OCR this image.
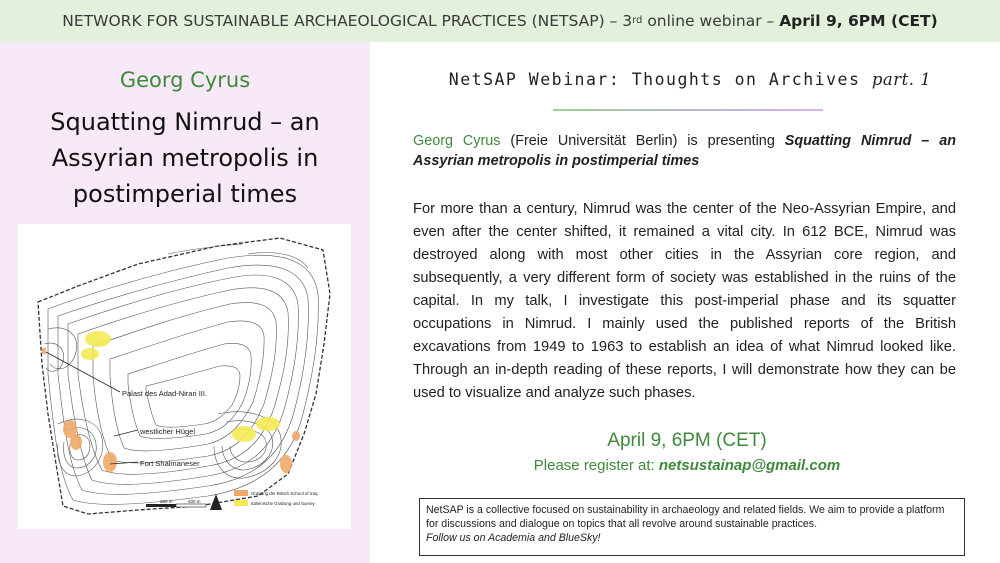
NETWORK FOR SUSTAINABLE ARCHAEOLOGICAL PRACTICES (NETSAP) – 3 rd online webinar – April 9, 6PM (CET)
Georg Cyrus
Squatting Nimrud – an Assyrian metropolis in postimperial times
Palast des Adad-Nirari III.
westlicher Hügel
Fort Shalmaneser
200 m	400 m
Grabung der British School of Iraq
Italienische Grabung und Survey
NetSAP Webinar: Thoughts on Archives part. 1
Georg Cyrus (Freie Universität Berlin) is presenting Squatting Nimrud – an Assyrian metropolis in postimperial times
For more than a century, Nimrud was the center of the Neo-Assyrian Empire, and even after the center shifted, it remained a vital city. In 612 BCE, Nimrud was destroyed along with most other cities in the Assyrian core region, and subsequently, a very different form of society was established in the ruins of the capital. In my talk, I investigate this post-imperial phase and its squatter occupations in Nimrud. I mainly used the published reports of the British excavations from 1949 to 1963 to establish an idea of what Nimrud looked like. Through an in-depth reading of these reports, I will demonstrate how they can be used to visualize and analyze such phases.
April 9, 6PM (CET)
Please register at: netsustainap@gmail.com
NetSAP is a collective focused on sustainability in archaeology and related fields. We aim to provide a platform for discussions and dialogue on topics that all revolve around sustainable practices.
Follow us on Academia and BlueSky!
